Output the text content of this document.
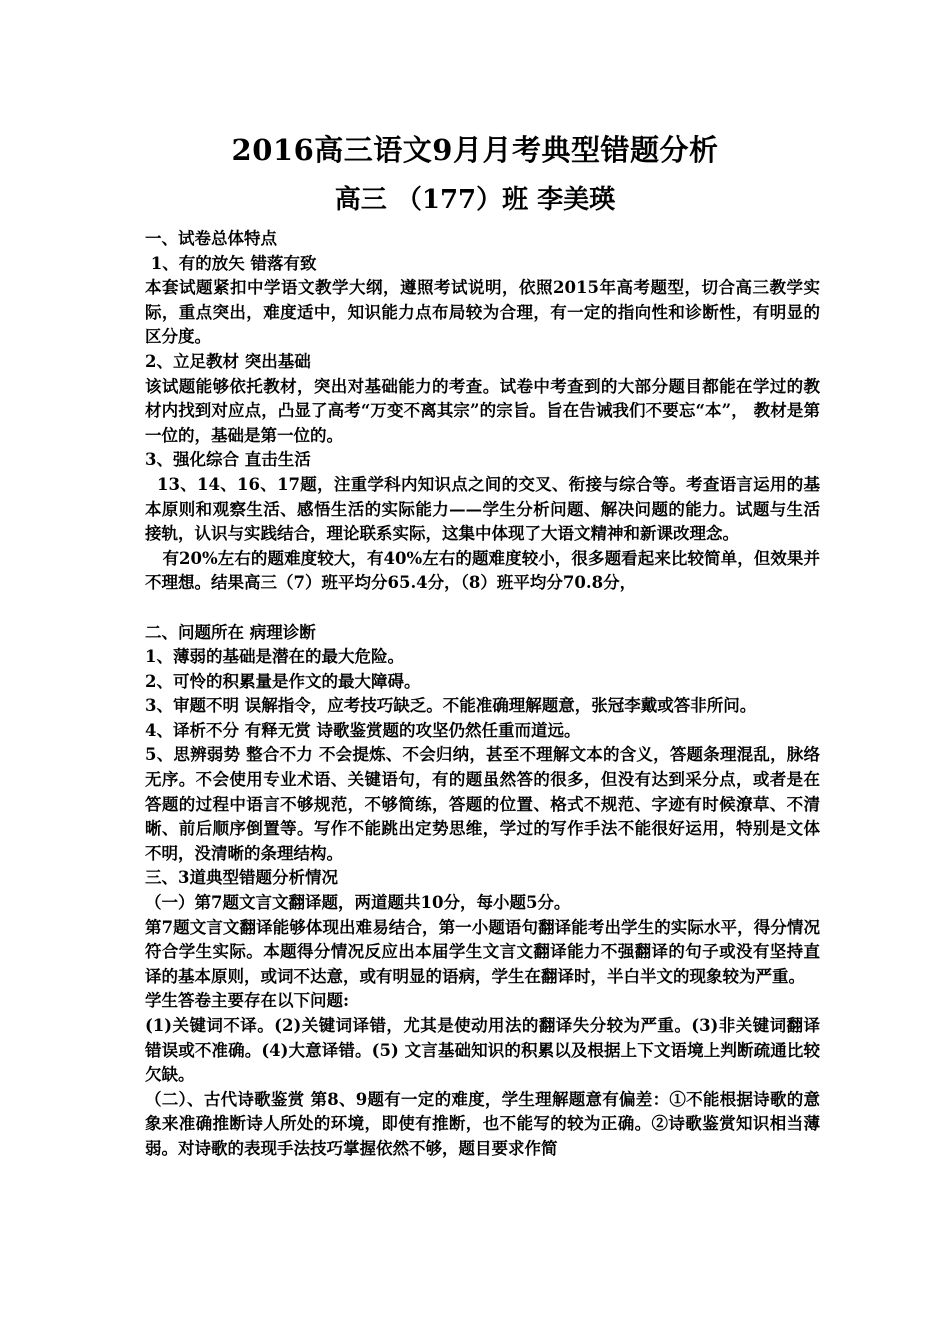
2016高三语文9月月考典型错题分析
高三 （177）班 李美瑛

一、试卷总体特点

1、有的放矢 错落有致

本套试题紧扣中学语文教学大纲，遵照考试说明，依照2015年高考题型，切合高三教学实际，重点突出，难度适中，知识能力点布局较为合理，有一定的指向性和诊断性，有明显的区分度。

2、立足教材 突出基础

该试题能够依托教材，突出对基础能力的考查。试卷中考查到的大部分题目都能在学过的教材内找到对应点，凸显了高考“万变不离其宗”的宗旨。旨在告诫我们不要忘“本”， 教材是第一位的，基础是第一位的。

3、强化综合 直击生活

13、14、16、17题，注重学科内知识点之间的交叉、衔接与综合等。考查语言运用的基本原则和观察生活、感悟生活的实际能力——学生分析问题、解决问题的能力。试题与生活接轨，认识与实践结合，理论联系实际，这集中体现了大语文精神和新课改理念。

有20%左右的题难度较大，有40%左右的题难度较小，很多题看起来比较简单，但效果并不理想。结果高三（7）班平均分65.4分，（8）班平均分70.8分，

二、问题所在 病理诊断

1、薄弱的基础是潜在的最大危险。

2、可怜的积累量是作文的最大障碍。

3、审题不明 误解指令，应考技巧缺乏。不能准确理解题意，张冠李戴或答非所问。

4、译析不分 有释无赏 诗歌鉴赏题的攻坚仍然任重而道远。

5、思辨弱势 整合不力 不会提炼、不会归纳，甚至不理解文本的含义，答题条理混乱，脉络无序。不会使用专业术语、关键语句，有的题虽然答的很多，但没有达到采分点，或者是在答题的过程中语言不够规范，不够简练，答题的位置、格式不规范、字迹有时候潦草、不清晰、前后顺序倒置等。写作不能跳出定势思维，学过的写作手法不能很好运用，特别是文体不明，没清晰的条理结构。

三、3道典型错题分析情况

（一）第7题文言文翻译题，两道题共10分，每小题5分。

第7题文言文翻译能够体现出难易结合，第一小题语句翻译能考出学生的实际水平，得分情况符合学生实际。本题得分情况反应出本届学生文言文翻译能力不强翻译的句子或没有坚持直译的基本原则，或词不达意，或有明显的语病，学生在翻译时，半白半文的现象较为严重。

学生答卷主要存在以下问题:

(1)关键词不译。(2)关键词译错，尤其是使动用法的翻译失分较为严重。(3)非关键词翻译错误或不准确。(4)大意译错。(5) 文言基础知识的积累以及根据上下文语境上判断疏通比较欠缺。

（二）、古代诗歌鉴赏 第8、9题有一定的难度，学生理解题意有偏差：①不能根据诗歌的意象来准确推断诗人所处的环境，即使有推断，也不能写的较为正确。②诗歌鉴赏知识相当薄弱。对诗歌的表现手法技巧掌握依然不够，题目要求作简
